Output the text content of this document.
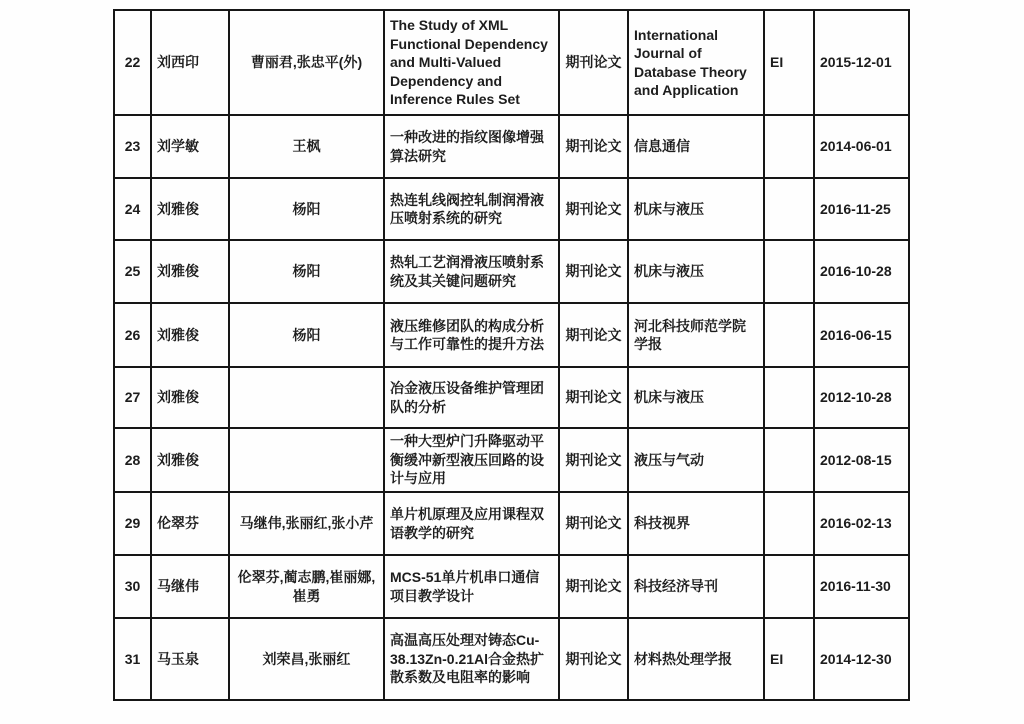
22	刘西印	曹丽君,张忠平(外)	The Study of XML Functional Dependency and Multi-Valued Dependency and Inference Rules Set	期刊论文	International Journal of Database Theory and Application	EI	2015-12-01
23	刘学敏	王枫	一种改进的指纹图像增强算法研究	期刊论文	信息通信		2014-06-01
24	刘雅俊	杨阳	热连轧线阀控轧制润滑液压喷射系统的研究	期刊论文	机床与液压		2016-11-25
25	刘雅俊	杨阳	热轧工艺润滑液压喷射系统及其关键问题研究	期刊论文	机床与液压		2016-10-28
26	刘雅俊	杨阳	液压维修团队的构成分析与工作可靠性的提升方法	期刊论文	河北科技师范学院学报		2016-06-15
27	刘雅俊		冶金液压设备维护管理团队的分析	期刊论文	机床与液压		2012-10-28
28	刘雅俊		一种大型炉门升降驱动平衡缓冲新型液压回路的设计与应用	期刊论文	液压与气动		2012-08-15
29	伦翠芬	马继伟,张丽红,张小芹	单片机原理及应用课程双语教学的研究	期刊论文	科技视界		2016-02-13
30	马继伟	伦翠芬,蔺志鹏,崔丽娜,崔勇	MCS-51单片机串口通信项目教学设计	期刊论文	科技经济导刊		2016-11-30
31	马玉泉	刘荣昌,张丽红	高温高压处理对铸态Cu-38.13Zn-0.21Al合金热扩散系数及电阻率的影响	期刊论文	材料热处理学报	EI	2014-12-30
